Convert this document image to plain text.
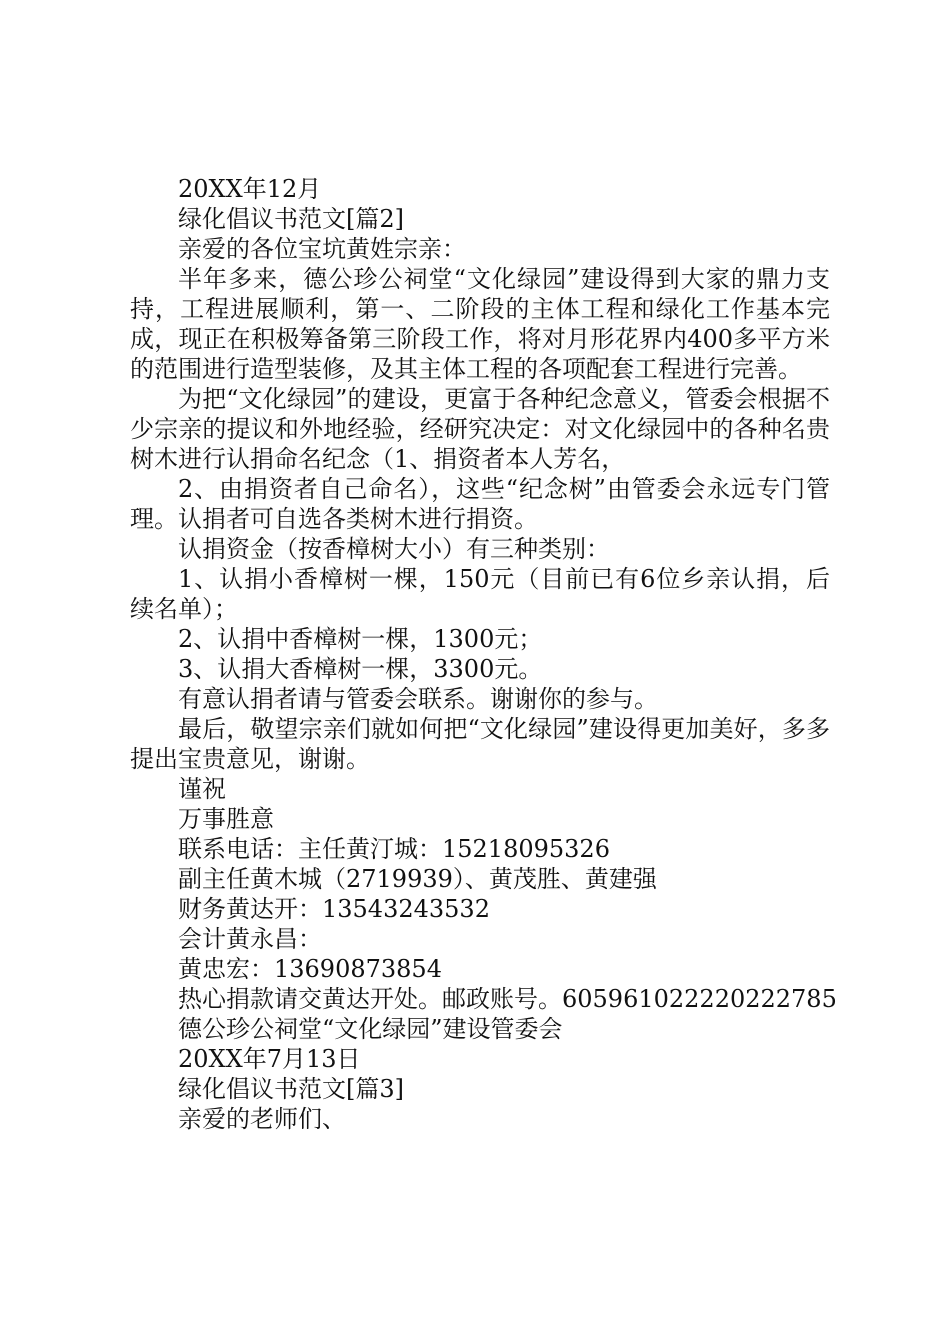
20XX年12月
绿化倡议书范文[篇2]
亲爱的各位宝坑黄姓宗亲：
半年多来，德公珍公祠堂“文化绿园”建设得到大家的鼎力支持，工程进展顺利，第一、二阶段的主体工程和绿化工作基本完成，现正在积极筹备第三阶段工作，将对月形花界内400多平方米的范围进行造型装修，及其主体工程的各项配套工程进行完善。
为把“文化绿园”的建设，更富于各种纪念意义，管委会根据不少宗亲的提议和外地经验，经研究决定：对文化绿园中的各种名贵树木进行认捐命名纪念（1、捐资者本人芳名，
2、由捐资者自己命名），这些“纪念树”由管委会永远专门管理。认捐者可自选各类树木进行捐资。
认捐资金（按香樟树大小）有三种类别：
1、认捐小香樟树一棵，150元（目前已有6位乡亲认捐，后续名单）；
2、认捐中香樟树一棵，1300元；
3、认捐大香樟树一棵，3300元。
有意认捐者请与管委会联系。谢谢你的参与。
最后，敬望宗亲们就如何把“文化绿园”建设得更加美好，多多提出宝贵意见，谢谢。
谨祝
万事胜意
联系电话：主任黄汀城：15218095326
副主任黄木城（2719939）、黄茂胜、黄建强
财务黄达开：13543243532
会计黄永昌：
黄忠宏：13690873854
热心捐款请交黄达开处。邮政账号。605961022220222785
德公珍公祠堂“文化绿园”建设管委会
20XX年7月13日
绿化倡议书范文[篇3]
亲爱的老师们、
